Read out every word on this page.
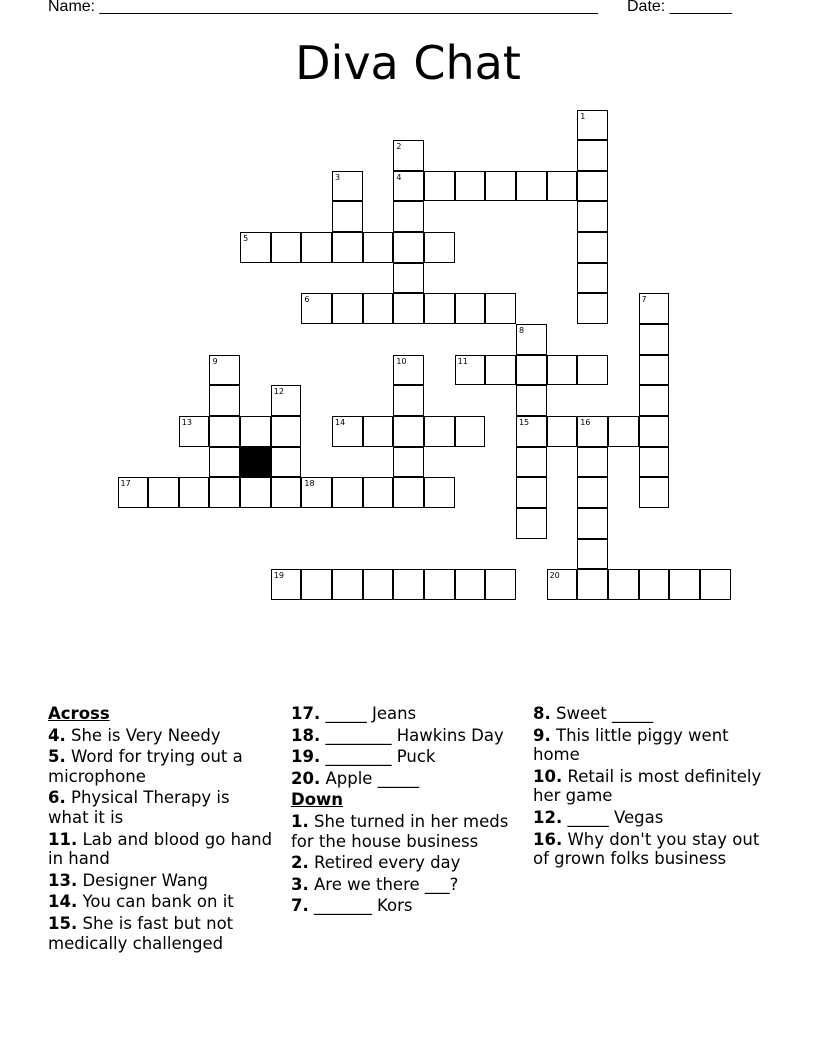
Name: ________________________________________________________ Date: _______
Diva Chat
1
2
3	4
5
6	7
8
9	10	11
12
13	14	15	16
17	18
19	20
Across
4. She is Very Needy
5. Word for trying out a microphone
6. Physical Therapy is what it is
11. Lab and blood go hand in hand
13. Designer Wang
14. You can bank on it
15. She is fast but not medically challenged
17. _____ Jeans
18. ________ Hawkins Day
19. ________ Puck
20. Apple _____
Down
1. She turned in her meds for the house business
2. Retired every day
3. Are we there ___?
7. _______ Kors
8. Sweet _____
9. This little piggy went home
10. Retail is most definitely her game
12. _____ Vegas
16. Why don't you stay out of grown folks business
